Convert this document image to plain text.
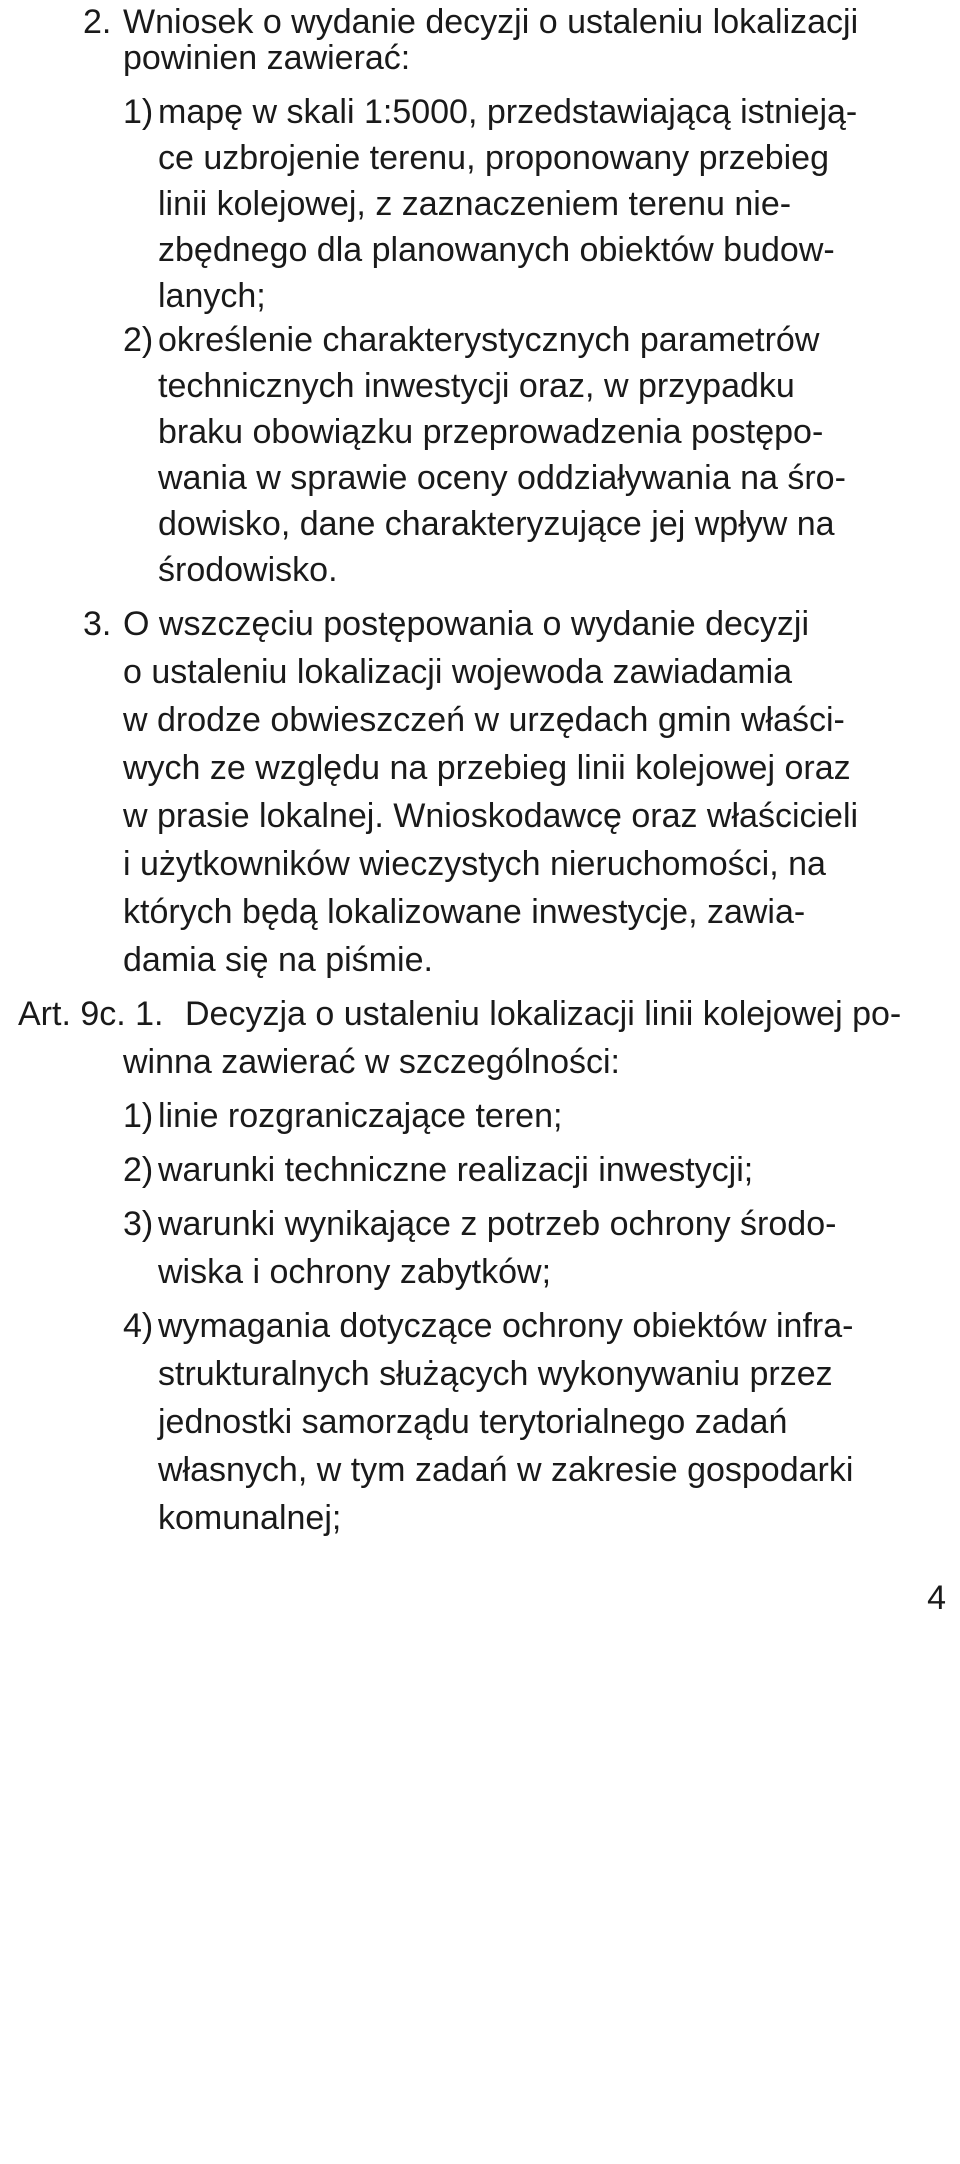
2. Wniosek o wydanie decyzji o ustaleniu lokalizacji
powinien zawierać:
1) mapę w skali 1:5000, przedstawiającą istnieją-
ce uzbrojenie terenu, proponowany przebieg
linii kolejowej, z zaznaczeniem terenu nie-
zbędnego dla planowanych obiektów budow-
lanych;
2) określenie charakterystycznych parametrów
technicznych inwestycji oraz, w przypadku
braku obowiązku przeprowadzenia postępo-
wania w sprawie oceny oddziaływania na śro-
dowisko, dane charakteryzujące jej wpływ na
środowisko.
3. O wszczęciu postępowania o wydanie decyzji
o ustaleniu lokalizacji wojewoda zawiadamia
w drodze obwieszczeń w urzędach gmin właści-
wych ze względu na przebieg linii kolejowej oraz
w prasie lokalnej. Wnioskodawcę oraz właścicieli
i użytkowników wieczystych nieruchomości, na
których będą lokalizowane inwestycje, zawia-
damia się na piśmie.
Art. 9c. 1. Decyzja o ustaleniu lokalizacji linii kolejowej po-
winna zawierać w szczególności:
1) linie rozgraniczające teren;
2) warunki techniczne realizacji inwestycji;
3) warunki wynikające z potrzeb ochrony środo-
wiska i ochrony zabytków;
4) wymagania dotyczące ochrony obiektów infra-
strukturalnych służących wykonywaniu przez
jednostki samorządu terytorialnego zadań
własnych, w tym zadań w zakresie gospodarki
komunalnej;
4
